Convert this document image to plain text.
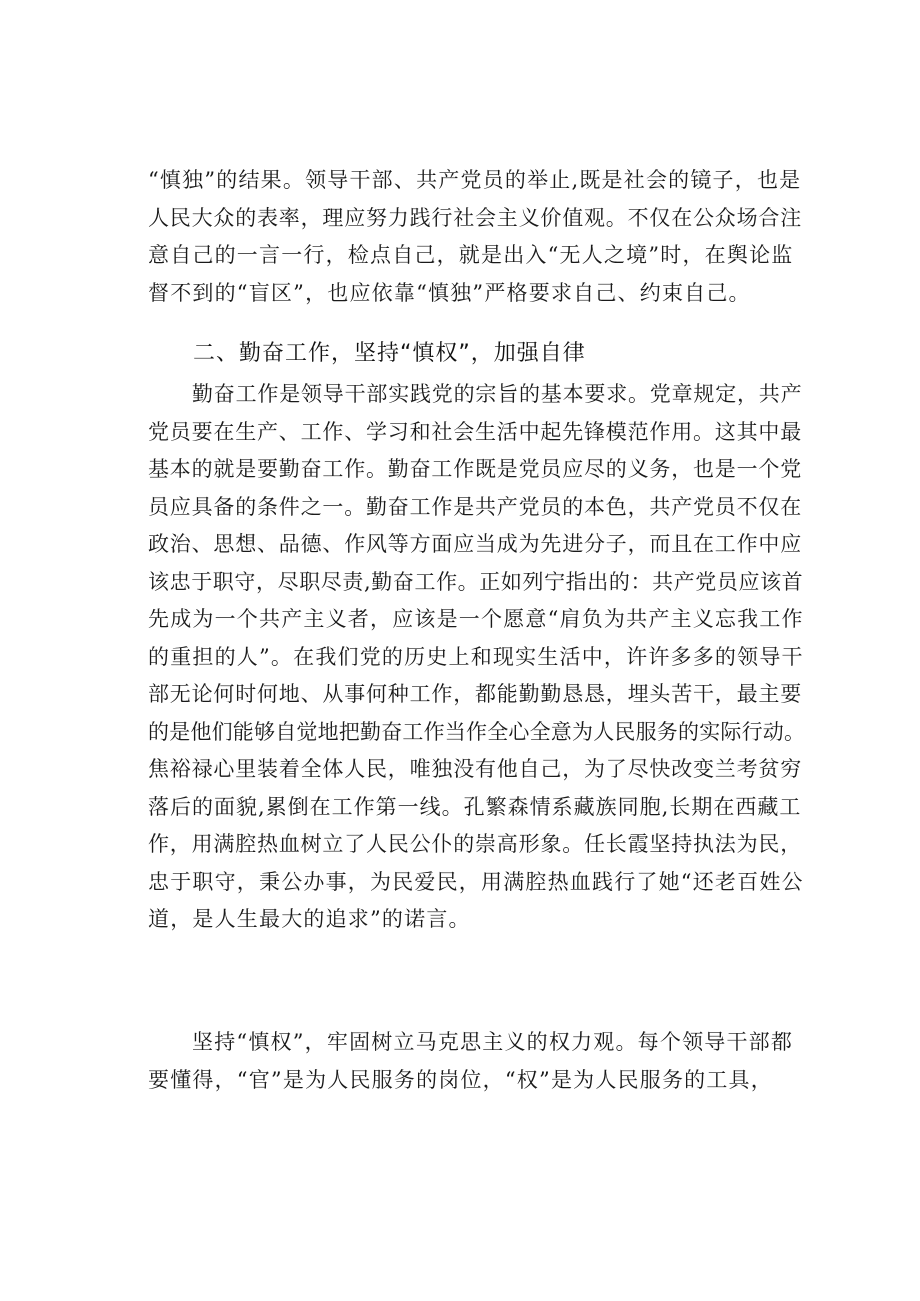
“慎独”的结果。领导干部、共产党员的举止,既是社会的镜子，也是
人民大众的表率，理应努力践行社会主义价值观。不仅在公众场合注
意自己的一言一行，检点自己，就是出入“无人之境”时，在舆论监
督不到的“盲区”，也应依靠“慎独”严格要求自己、约束自己。
二、勤奋工作，坚持“慎权”，加强自律
勤奋工作是领导干部实践党的宗旨的基本要求。党章规定，共产
党员要在生产、工作、学习和社会生活中起先锋模范作用。这其中最
基本的就是要勤奋工作。勤奋工作既是党员应尽的义务，也是一个党
员应具备的条件之一。勤奋工作是共产党员的本色，共产党员不仅在
政治、思想、品德、作风等方面应当成为先进分子，而且在工作中应
该忠于职守，尽职尽责,勤奋工作。正如列宁指出的：共产党员应该首
先成为一个共产主义者，应该是一个愿意“肩负为共产主义忘我工作
的重担的人”。在我们党的历史上和现实生活中，许许多多的领导干
部无论何时何地、从事何种工作，都能勤勤恳恳，埋头苦干，最主要
的是他们能够自觉地把勤奋工作当作全心全意为人民服务的实际行动。
焦裕禄心里装着全体人民，唯独没有他自己，为了尽快改变兰考贫穷
落后的面貌,累倒在工作第一线。孔繁森情系藏族同胞,长期在西藏工
作，用满腔热血树立了人民公仆的崇高形象。任长霞坚持执法为民，
忠于职守，秉公办事，为民爱民，用满腔热血践行了她“还老百姓公
道，是人生最大的追求”的诺言。
坚持“慎权”，牢固树立马克思主义的权力观。每个领导干部都
要懂得，“官”是为人民服务的岗位，“权”是为人民服务的工具，
